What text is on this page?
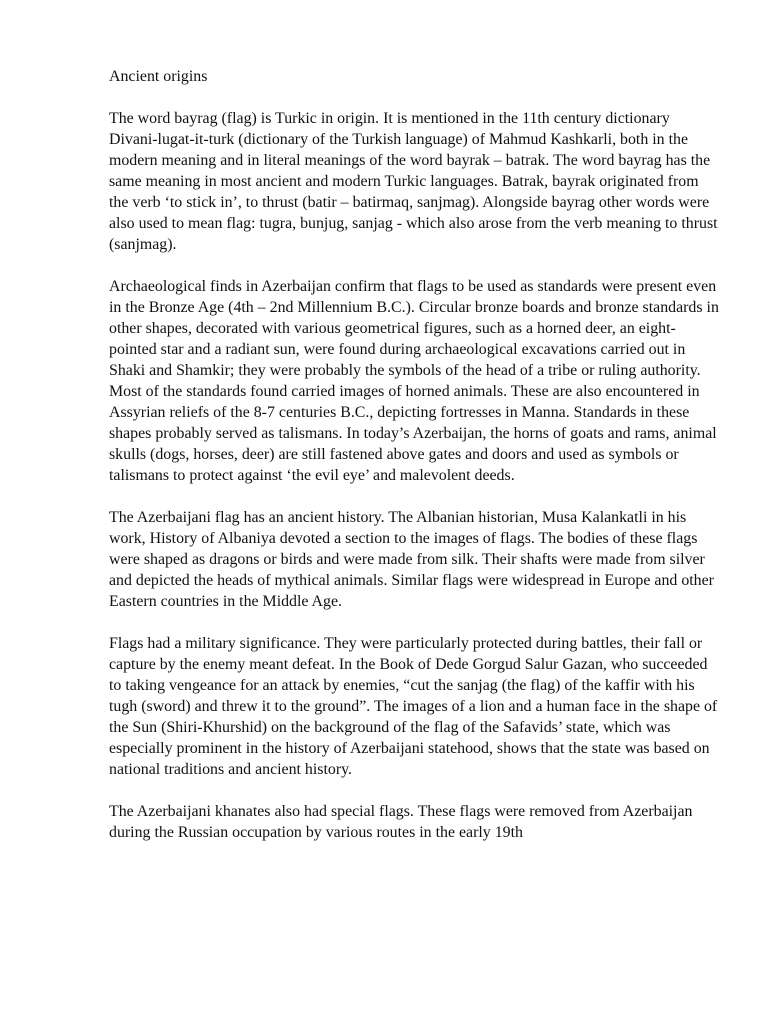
Ancient origins

The word bayrag (flag) is Turkic in origin. It is mentioned in the 11th century dictionary Divani-lugat-it-turk (dictionary of the Turkish language) of Mahmud Kashkarli, both in the modern meaning and in literal meanings of the word bayrak – batrak. The word bayrag has the same meaning in most ancient and modern Turkic languages. Batrak, bayrak originated from the verb ‘to stick in’, to thrust (batir – batirmaq, sanjmag). Alongside bayrag other words were also used to mean flag: tugra, bunjug, sanjag - which also arose from the verb meaning to thrust (sanjmag).

Archaeological finds in Azerbaijan confirm that flags to be used as standards were present even in the Bronze Age (4th – 2nd Millennium B.C.). Circular bronze boards and bronze standards in other shapes, decorated with various geometrical figures, such as a horned deer, an eight-pointed star and a radiant sun, were found during archaeological excavations carried out in Shaki and Shamkir; they were probably the symbols of the head of a tribe or ruling authority. Most of the standards found carried images of horned animals. These are also encountered in Assyrian reliefs of the 8-7 centuries B.C., depicting fortresses in Manna. Standards in these shapes probably served as talismans. In today’s Azerbaijan, the horns of goats and rams, animal skulls (dogs, horses, deer) are still fastened above gates and doors and used as symbols or talismans to protect against ‘the evil eye’ and malevolent deeds.

The Azerbaijani flag has an ancient history. The Albanian historian, Musa Kalankatli in his work, History of Albaniya devoted a section to the images of flags. The bodies of these flags were shaped as dragons or birds and were made from silk. Their shafts were made from silver and depicted the heads of mythical animals. Similar flags were widespread in Europe and other Eastern countries in the Middle Age.

Flags had a military significance. They were particularly protected during battles, their fall or capture by the enemy meant defeat. In the Book of Dede Gorgud Salur Gazan, who succeeded to taking vengeance for an attack by enemies, “cut the sanjag (the flag) of the kaffir with his tugh (sword) and threw it to the ground”. The images of a lion and a human face in the shape of the Sun (Shiri-Khurshid) on the background of the flag of the Safavids’ state, which was especially prominent in the history of Azerbaijani statehood, shows that the state was based on national traditions and ancient history.

The Azerbaijani khanates also had special flags. These flags were removed from Azerbaijan during the Russian occupation by various routes in the early 19th
